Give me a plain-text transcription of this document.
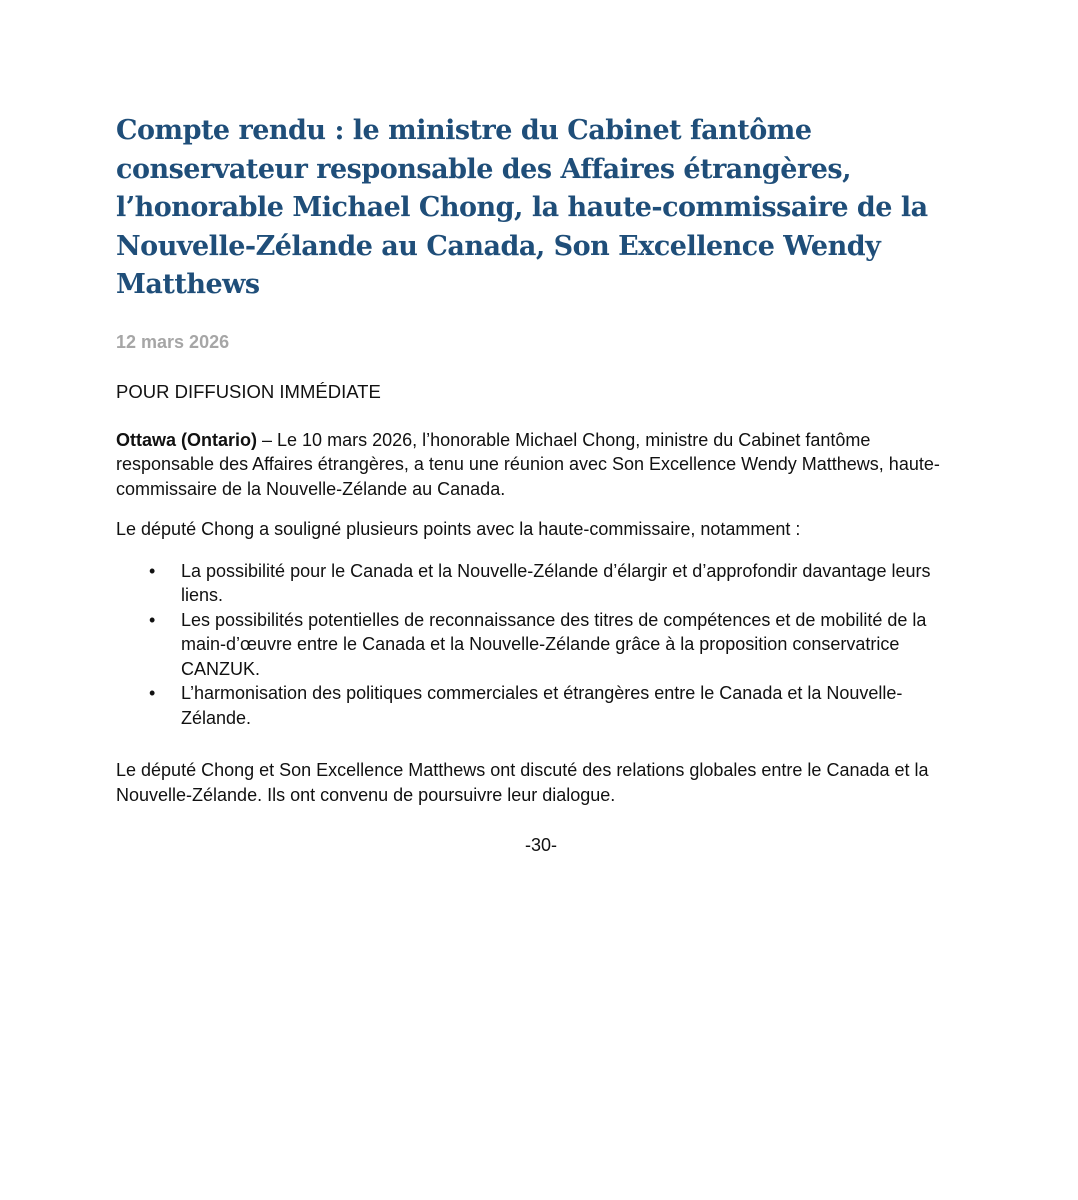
Compte rendu : le ministre du Cabinet fantôme conservateur responsable des Affaires étrangères, l’honorable Michael Chong, la haute-commissaire de la Nouvelle-Zélande au Canada, Son Excellence Wendy Matthews

12 mars 2026

POUR DIFFUSION IMMÉDIATE

Ottawa (Ontario) – Le 10 mars 2026, l’honorable Michael Chong, ministre du Cabinet fantôme responsable des Affaires étrangères, a tenu une réunion avec Son Excellence Wendy Matthews, haute-commissaire de la Nouvelle-Zélande au Canada.

Le député Chong a souligné plusieurs points avec la haute-commissaire, notamment :

• La possibilité pour le Canada et la Nouvelle-Zélande d’élargir et d’approfondir davantage leurs liens.
• Les possibilités potentielles de reconnaissance des titres de compétences et de mobilité de la main-d’œuvre entre le Canada et la Nouvelle-Zélande grâce à la proposition conservatrice CANZUK.
• L’harmonisation des politiques commerciales et étrangères entre le Canada et la Nouvelle-Zélande.

Le député Chong et Son Excellence Matthews ont discuté des relations globales entre le Canada et la Nouvelle-Zélande. Ils ont convenu de poursuivre leur dialogue.

-30-
